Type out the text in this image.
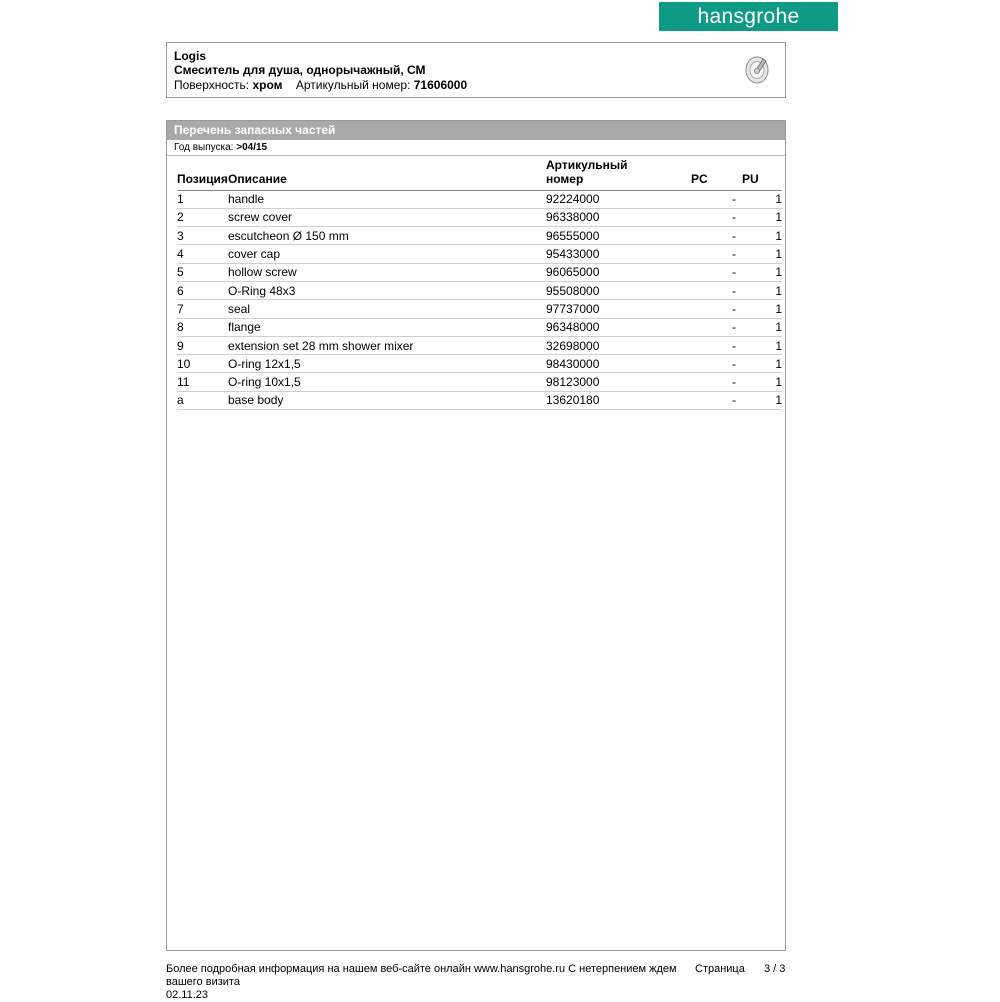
hansgrohe
Logis
Смеситель для душа, однорычажный, СМ
Поверхность: хром Артикульный номер: 71606000
Перечень запасных частей
Год выпуска: >04/15
Позиция	Описание	Артикульный
номер	PC	PU
1	handle	92224000	-	1
2	screw cover	96338000	-	1
3	escutcheon Ø 150 mm	96555000	-	1
4	cover cap	95433000	-	1
5	hollow screw	96065000	-	1
6	O-Ring 48x3	95508000	-	1
7	seal	97737000	-	1
8	flange	96348000	-	1
9	extension set 28 mm shower mixer	32698000	-	1
10	O-ring 12x1,5	98430000	-	1
11	O-ring 10x1,5	98123000	-	1
a	base body	13620180	-	1
Более подробная информация на нашем веб-сайте онлайн www.hansgrohe.ru С нетерпением ждем Страница 3 / 3
вашего визита
02.11.23
